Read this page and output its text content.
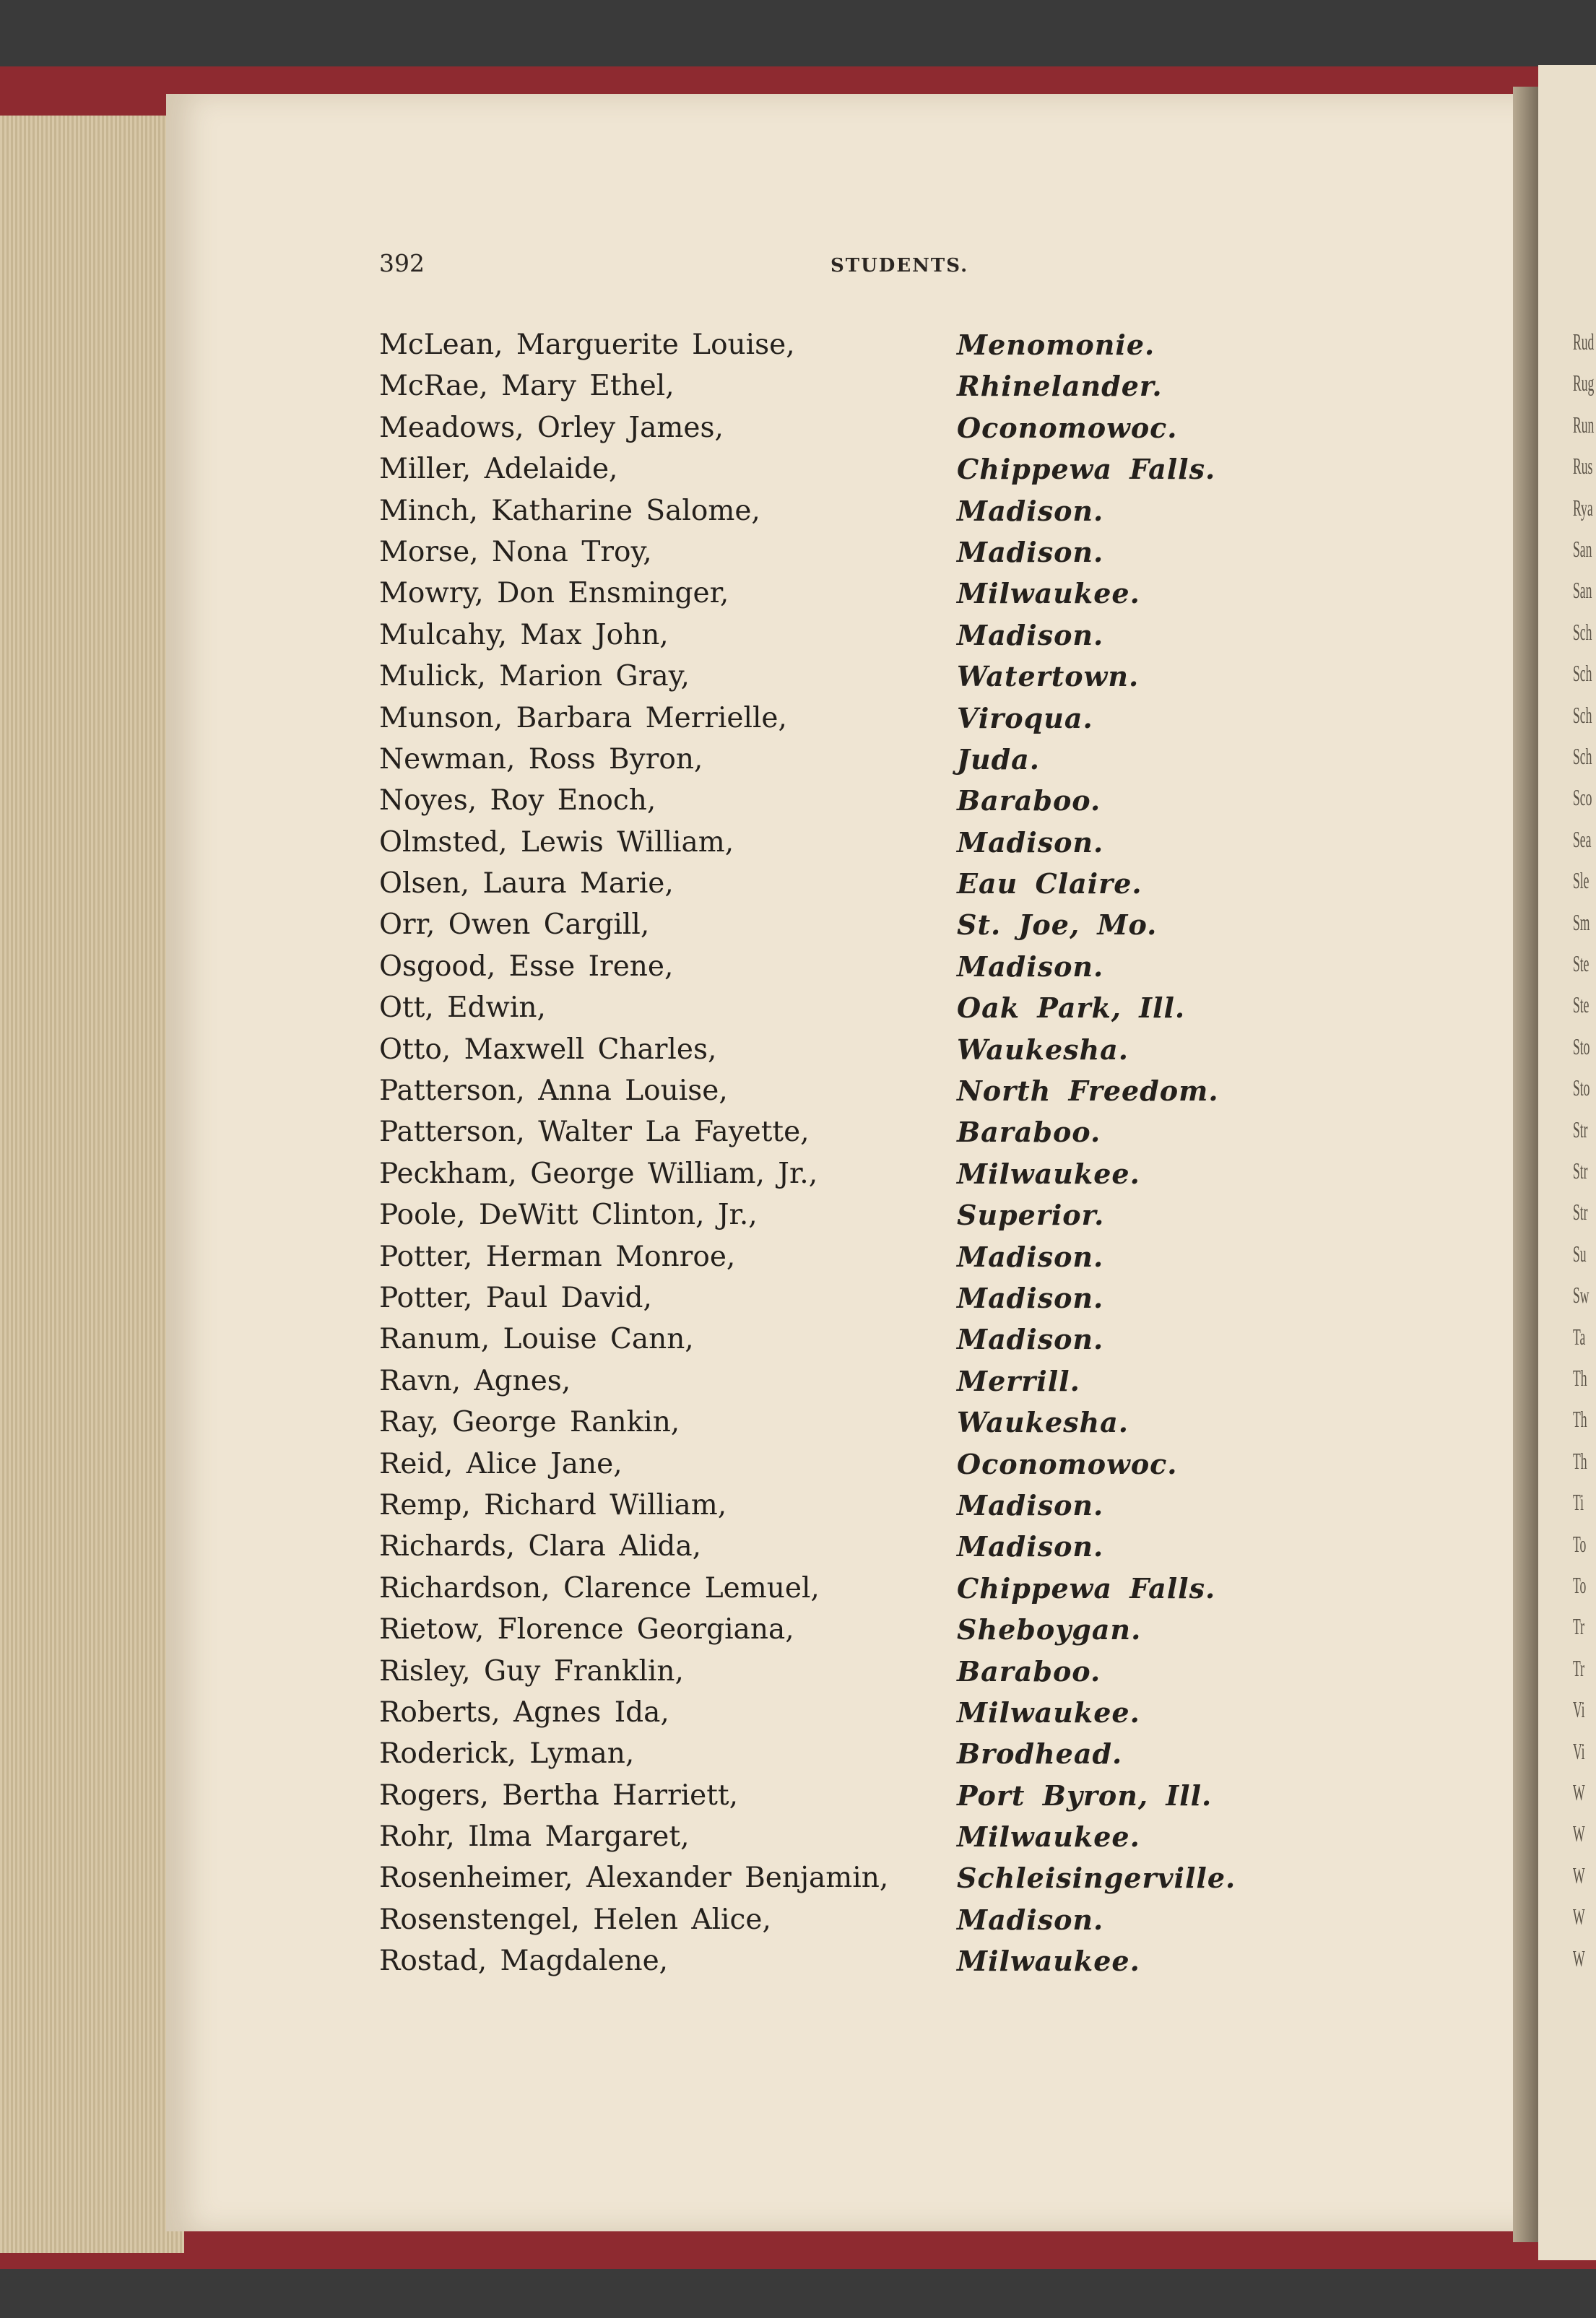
392	STUDENTS.
McLean, Marguerite Louise,	Menomonie.
McRae, Mary Ethel,	Rhinelander.
Meadows, Orley James,	Oconomowoc.
Miller, Adelaide,	Chippewa Falls.
Minch, Katharine Salome,	Madison.
Morse, Nona Troy,	Madison.
Mowry, Don Ensminger,	Milwaukee.
Mulcahy, Max John,	Madison.
Mulick, Marion Gray,	Watertown.
Munson, Barbara Merrielle,	Viroqua.
Newman, Ross Byron,	Juda.
Noyes, Roy Enoch,	Baraboo.
Olmsted, Lewis William,	Madison.
Olsen, Laura Marie,	Eau Claire.
Orr, Owen Cargill,	St. Joe, Mo.
Osgood, Esse Irene,	Madison.
Ott, Edwin,	Oak Park, Ill.
Otto, Maxwell Charles,	Waukesha.
Patterson, Anna Louise,	North Freedom.
Patterson, Walter La Fayette,	Baraboo.
Peckham, George William, Jr.,	Milwaukee.
Poole, DeWitt Clinton, Jr.,	Superior.
Potter, Herman Monroe,	Madison.
Potter, Paul David,	Madison.
Ranum, Louise Cann,	Madison.
Ravn, Agnes,	Merrill.
Ray, George Rankin,	Waukesha.
Reid, Alice Jane,	Oconomowoc.
Remp, Richard William,	Madison.
Richards, Clara Alida,	Madison.
Richardson, Clarence Lemuel,	Chippewa Falls.
Rietow, Florence Georgiana,	Sheboygan.
Risley, Guy Franklin,	Baraboo.
Roberts, Agnes Ida,	Milwaukee.
Roderick, Lyman,	Brodhead.
Rogers, Bertha Harriett,	Port Byron, Ill.
Rohr, Ilma Margaret,	Milwaukee.
Rosenheimer, Alexander Benjamin, Schleisingerville.
Rosenstengel, Helen Alice,	Madison.
Rostad, Magdalene,	Milwaukee.
Rud
Rug
Run
Rus
Rya
San
San
Sch
Sch
Sch
Sch
Sco
Sea
Sle
Sm
Ste
Ste
Sto
Sto
Str
Str
Str
Su
Sw
Ta
Th
Th
Th
Ti
To
To
Tr
Tr
Vi
Vi
W
W
W
W
W
